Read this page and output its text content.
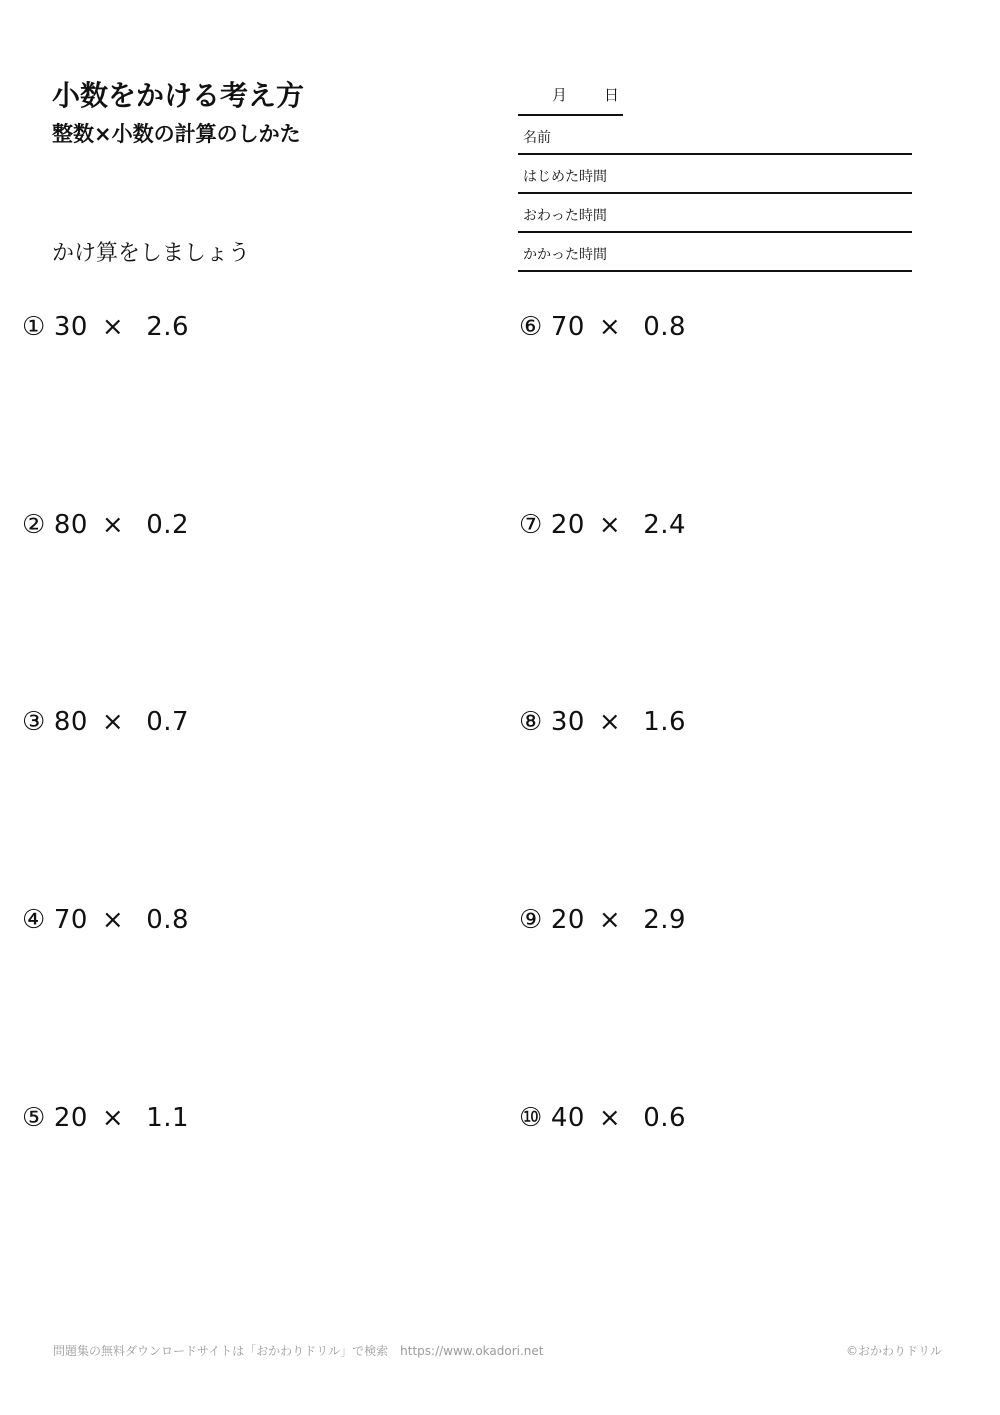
小数をかける考え方
整数×小数の計算のしかた
かけ算をしましょう
月 日
名前
はじめた時間
おわった時間
かかった時間
① 30 × 2.6
② 80 × 0.2
③ 80 × 0.7
④ 70 × 0.8
⑤ 20 × 1.1
⑥ 70 × 0.8
⑦ 20 × 2.4
⑧ 30 × 1.6
⑨ 20 × 2.9
⑩ 40 × 0.6
問題集の無料ダウンロードサイトは「おかわりドリル」で検索　https://www.okadori.net	©おかわりドリル
